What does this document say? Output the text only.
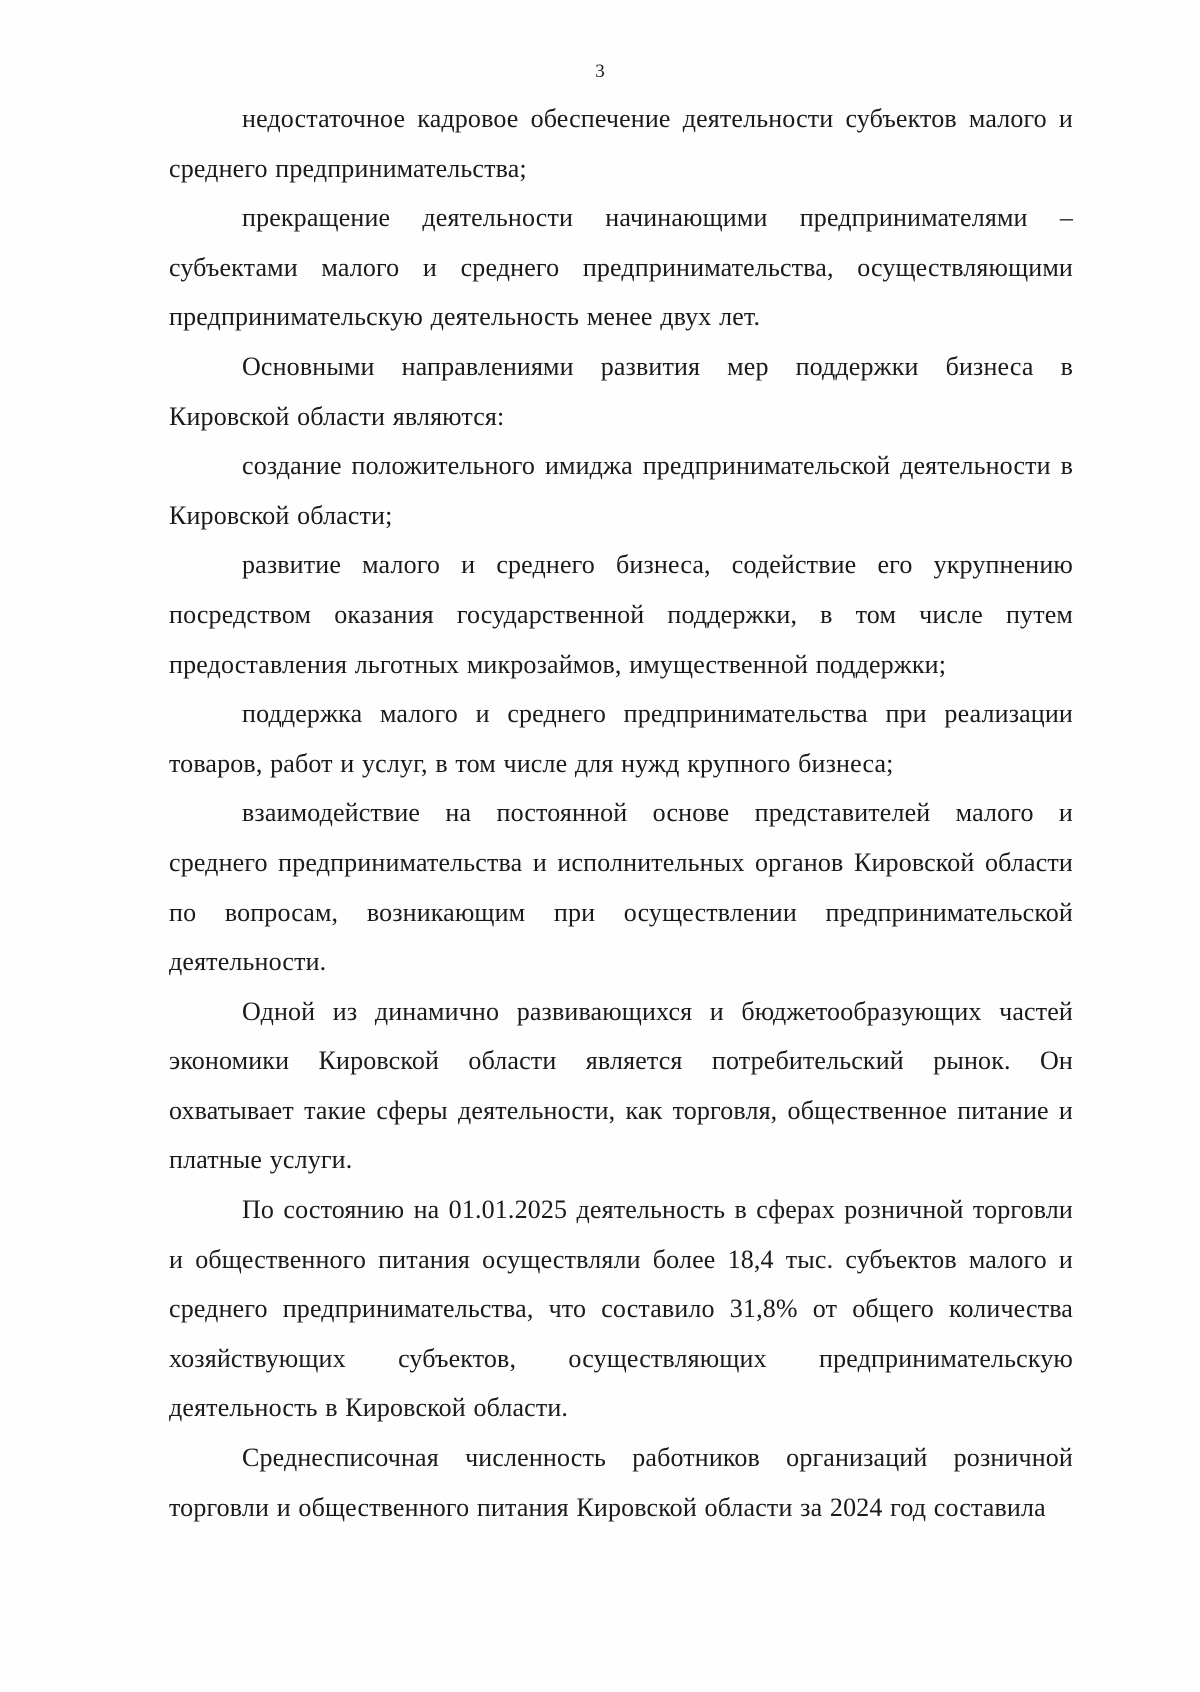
3

недостаточное кадровое обеспечение деятельности субъектов малого и среднего предпринимательства;

прекращение деятельности начинающими предпринимателями – субъектами малого и среднего предпринимательства, осуществляющими предпринимательскую деятельность менее двух лет.

Основными направлениями развития мер поддержки бизнеса в Кировской области являются:

создание положительного имиджа предпринимательской деятельности в Кировской области;

развитие малого и среднего бизнеса, содействие его укрупнению посредством оказания государственной поддержки, в том числе путем предоставления льготных микрозаймов, имущественной поддержки;

поддержка малого и среднего предпринимательства при реализации товаров, работ и услуг, в том числе для нужд крупного бизнеса;

взаимодействие на постоянной основе представителей малого и среднего предпринимательства и исполнительных органов Кировской области по вопросам, возникающим при осуществлении предпринимательской деятельности.

Одной из динамично развивающихся и бюджетообразующих частей экономики Кировской области является потребительский рынок. Он охватывает такие сферы деятельности, как торговля, общественное питание и платные услуги.

По состоянию на 01.01.2025 деятельность в сферах розничной торговли и общественного питания осуществляли более 18,4 тыс. субъектов малого и среднего предпринимательства, что составило 31,8% от общего количества хозяйствующих субъектов, осуществляющих предпринимательскую деятельность в Кировской области.

Среднесписочная численность работников организаций розничной торговли и общественного питания Кировской области за 2024 год составила
